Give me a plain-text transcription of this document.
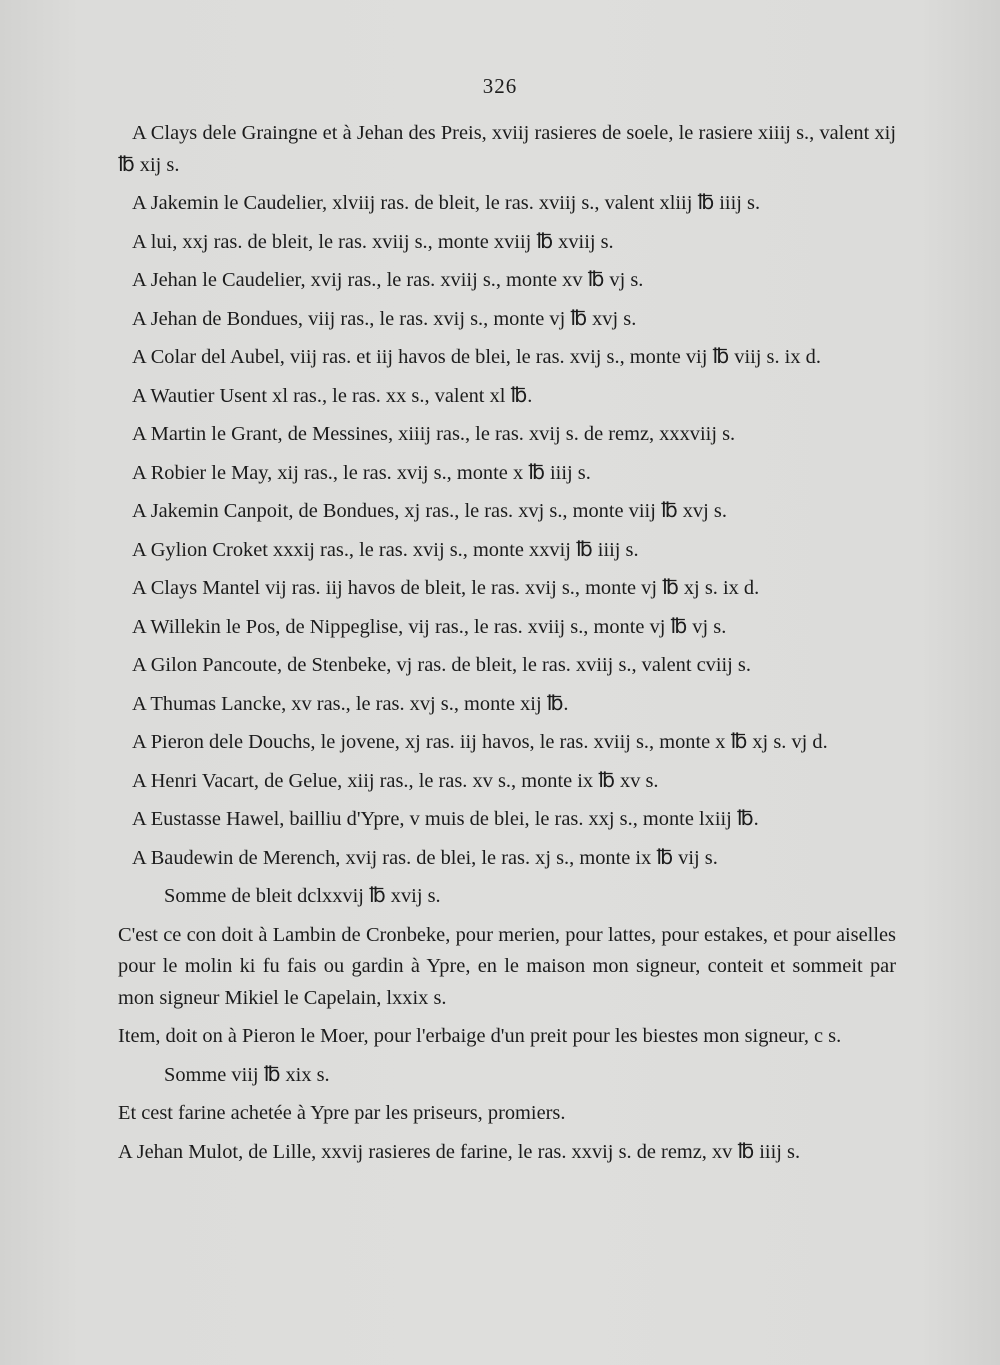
326

A Clays dele Graingne et à Jehan des Preis, xviij rasieres de soele, le rasiere xiiij s., valent xij ℔ xij s.

A Jakemin le Caudelier, xlviij ras. de bleit, le ras. xviij s., valent xliij ℔ iiij s.

A lui, xxj ras. de bleit, le ras. xviij s., monte xviij ℔ xviij s.

A Jehan le Caudelier, xvij ras., le ras. xviij s., monte xv ℔ vj s.

A Jehan de Bondues, viij ras., le ras. xvij s., monte vj ℔ xvj s.

A Colar del Aubel, viij ras. et iij havos de blei, le ras. xvij s., monte vij ℔ viij s. ix d.

A Wautier Usent xl ras., le ras. xx s., valent xl ℔.

A Martin le Grant, de Messines, xiiij ras., le ras. xvij s. de remz, xxxviij s.

A Robier le May, xij ras., le ras. xvij s., monte x ℔ iiij s.

A Jakemin Canpoit, de Bondues, xj ras., le ras. xvj s., monte viij ℔ xvj s.

A Gylion Croket xxxij ras., le ras. xvij s., monte xxvij ℔ iiij s.

A Clays Mantel vij ras. iij havos de bleit, le ras. xvij s., monte vj ℔ xj s. ix d.

A Willekin le Pos, de Nippeglise, vij ras., le ras. xviij s., monte vj ℔ vj s.

A Gilon Pancoute, de Stenbeke, vj ras. de bleit, le ras. xviij s., valent cviij s.

A Thumas Lancke, xv ras., le ras. xvj s., monte xij ℔.

A Pieron dele Douchs, le jovene, xj ras. iij havos, le ras. xviij s., monte x ℔ xj s. vj d.

A Henri Vacart, de Gelue, xiij ras., le ras. xv s., monte ix ℔ xv s.

A Eustasse Hawel, bailliu d'Ypre, v muis de blei, le ras. xxj s., monte lxiij ℔.

A Baudewin de Merench, xvij ras. de blei, le ras. xj s., monte ix ℔ vij s.

Somme de bleit dclxxvij ℔ xvij s.

C'est ce con doit à Lambin de Cronbeke, pour merien, pour lattes, pour estakes, et pour aiselles pour le molin ki fu fais ou gardin à Ypre, en le maison mon signeur, conteit et sommeit par mon signeur Mikiel le Capelain, lxxix s.

Item, doit on à Pieron le Moer, pour l'erbaige d'un preit pour les biestes mon signeur, c s.

Somme viij ℔ xix s.

Et cest farine achetée à Ypre par les priseurs, promiers.

A Jehan Mulot, de Lille, xxvij rasieres de farine, le ras. xxvij s. de remz, xv ℔ iiij s.
